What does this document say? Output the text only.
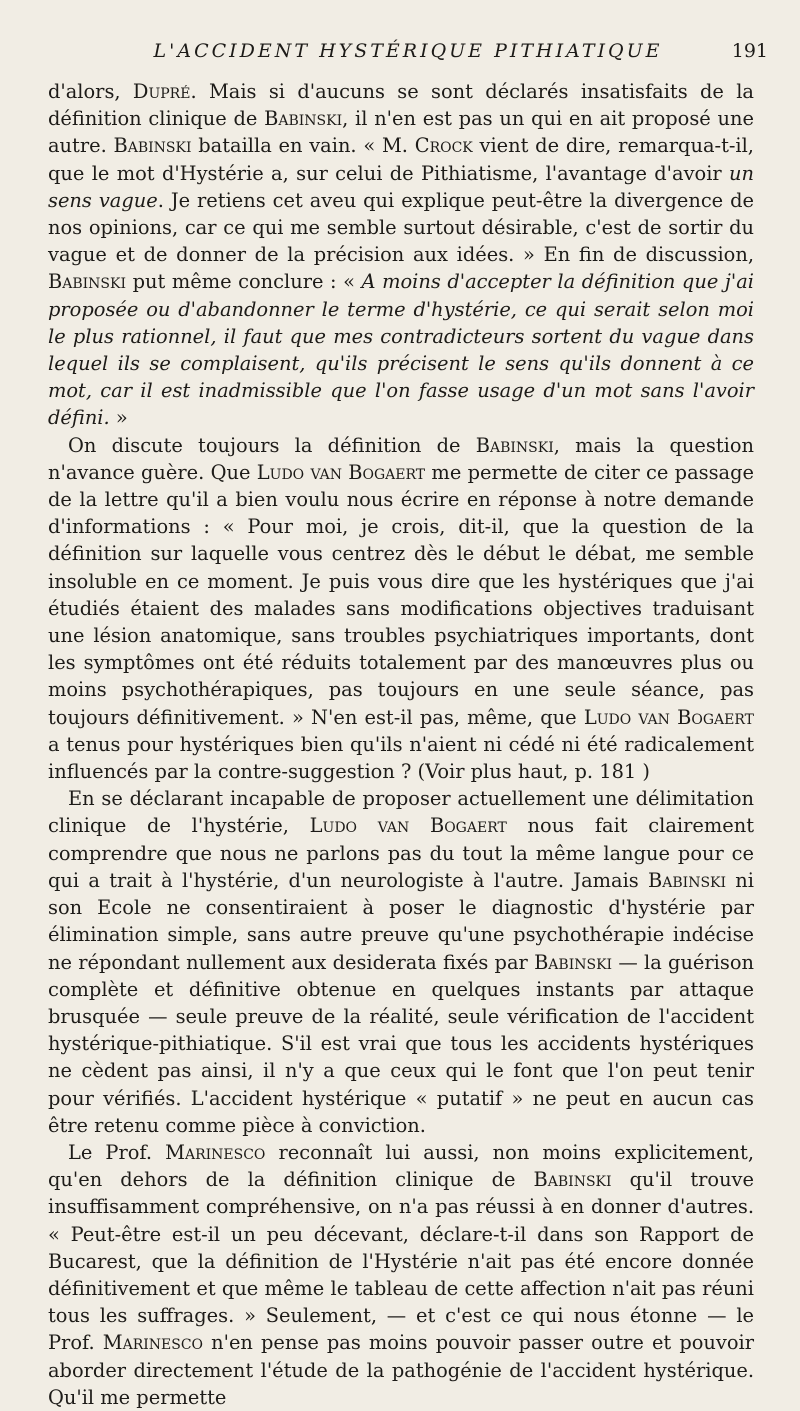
L'ACCIDENT HYSTÉRIQUE PITHIATIQUE	191

d'alors, Dupré. Mais si d'aucuns se sont déclarés insatisfaits de la définition clinique de Babinski, il n'en est pas un qui en ait proposé une autre. Babinski batailla en vain. « M. Crock vient de dire, remarqua-t-il, que le mot d'Hystérie a, sur celui de Pithiatisme, l'avantage d'avoir un sens vague. Je retiens cet aveu qui explique peut-être la divergence de nos opinions, car ce qui me semble surtout désirable, c'est de sortir du vague et de donner de la précision aux idées. » En fin de discussion, Babinski put même conclure : « A moins d'accepter la définition que j'ai proposée ou d'abandonner le terme d'hystérie, ce qui serait selon moi le plus rationnel, il faut que mes contradicteurs sortent du vague dans lequel ils se complaisent, qu'ils précisent le sens qu'ils donnent à ce mot, car il est inadmissible que l'on fasse usage d'un mot sans l'avoir défini. »

On discute toujours la définition de Babinski, mais la question n'avance guère. Que Ludo van Bogaert me permette de citer ce passage de la lettre qu'il a bien voulu nous écrire en réponse à notre demande d'informations : « Pour moi, je crois, dit-il, que la question de la définition sur laquelle vous centrez dès le début le débat, me semble insoluble en ce moment. Je puis vous dire que les hystériques que j'ai étudiés étaient des malades sans modifications objectives traduisant une lésion anatomique, sans troubles psychiatriques importants, dont les symptômes ont été réduits totalement par des manœuvres plus ou moins psychothérapiques, pas toujours en une seule séance, pas toujours définitivement. » N'en est-il pas, même, que Ludo van Bogaert a tenus pour hystériques bien qu'ils n'aient ni cédé ni été radicalement influencés par la contre-suggestion ? (Voir plus haut, p. 181 )

En se déclarant incapable de proposer actuellement une délimitation clinique de l'hystérie, Ludo van Bogaert nous fait clairement comprendre que nous ne parlons pas du tout la même langue pour ce qui a trait à l'hystérie, d'un neurologiste à l'autre. Jamais Babinski ni son Ecole ne consentiraient à poser le diagnostic d'hystérie par élimination simple, sans autre preuve qu'une psychothérapie indécise ne répondant nullement aux desiderata fixés par Babinski — la guérison complète et définitive obtenue en quelques instants par attaque brusquée — seule preuve de la réalité, seule vérification de l'accident hystérique-pithiatique. S'il est vrai que tous les accidents hystériques ne cèdent pas ainsi, il n'y a que ceux qui le font que l'on peut tenir pour vérifiés. L'accident hystérique « putatif » ne peut en aucun cas être retenu comme pièce à conviction.

Le Prof. Marinesco reconnaît lui aussi, non moins explicitement, qu'en dehors de la définition clinique de Babinski qu'il trouve insuffisamment compréhensive, on n'a pas réussi à en donner d'autres. « Peut-être est-il un peu décevant, déclare-t-il dans son Rapport de Bucarest, que la définition de l'Hystérie n'ait pas été encore donnée définitivement et que même le tableau de cette affection n'ait pas réuni tous les suffrages. » Seulement, — et c'est ce qui nous étonne — le Prof. Marinesco n'en pense pas moins pouvoir passer outre et pouvoir aborder directement l'étude de la pathogénie de l'accident hystérique. Qu'il me permette
